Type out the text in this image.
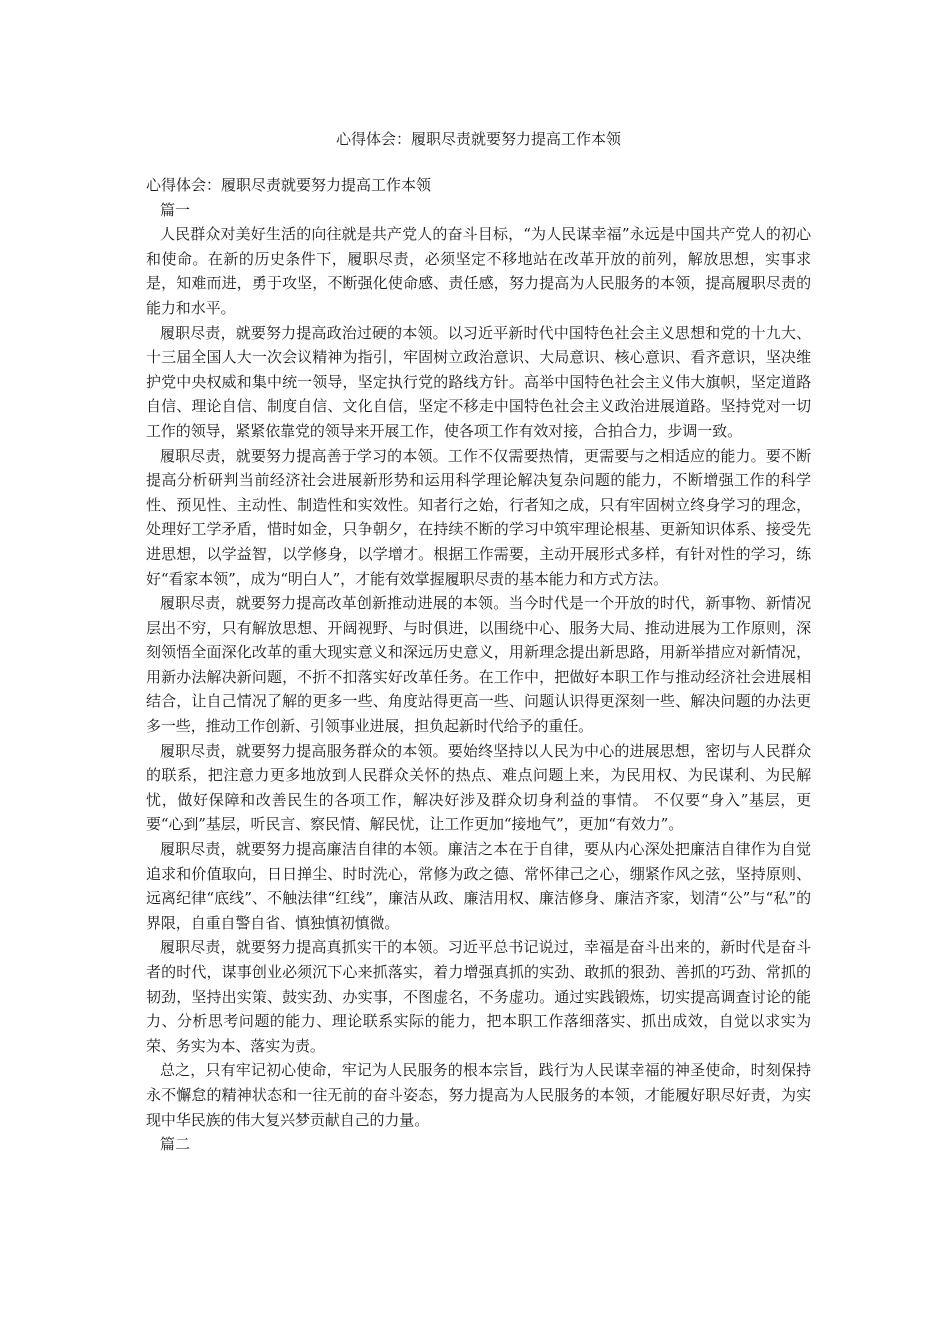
心得体会：履职尽责就要努力提高工作本领

心得体会：履职尽责就要努力提高工作本领

篇一

人民群众对美好生活的向往就是共产党人的奋斗目标，“为人民谋幸福”永远是中国共产党人的初心和使命。在新的历史条件下，履职尽责，必须坚定不移地站在改革开放的前列，解放思想，实事求是，知难而进，勇于攻坚，不断强化使命感、责任感，努力提高为人民服务的本领，提高履职尽责的能力和水平。

履职尽责，就要努力提高政治过硬的本领。以习近平新时代中国特色社会主义思想和党的十九大、十三届全国人大一次会议精神为指引，牢固树立政治意识、大局意识、核心意识、看齐意识，坚决维护党中央权威和集中统一领导，坚定执行党的路线方针。高举中国特色社会主义伟大旗帜，坚定道路自信、理论自信、制度自信、文化自信，坚定不移走中国特色社会主义政治进展道路。坚持党对一切工作的领导，紧紧依靠党的领导来开展工作，使各项工作有效对接，合拍合力，步调一致。

履职尽责，就要努力提高善于学习的本领。工作不仅需要热情，更需要与之相适应的能力。要不断提高分析研判当前经济社会进展新形势和运用科学理论解决复杂问题的能力，不断增强工作的科学性、预见性、主动性、制造性和实效性。知者行之始，行者知之成，只有牢固树立终身学习的理念，处理好工学矛盾，惜时如金，只争朝夕，在持续不断的学习中筑牢理论根基、更新知识体系、接受先进思想，以学益智，以学修身，以学增才。根据工作需要，主动开展形式多样，有针对性的学习，练好“看家本领”，成为“明白人”，才能有效掌握履职尽责的基本能力和方式方法。

履职尽责，就要努力提高改革创新推动进展的本领。当今时代是一个开放的时代，新事物、新情况层出不穷，只有解放思想、开阔视野、与时俱进，以围绕中心、服务大局、推动进展为工作原则，深刻领悟全面深化改革的重大现实意义和深远历史意义，用新理念提出新思路，用新举措应对新情况，用新办法解决新问题，不折不扣落实好改革任务。在工作中，把做好本职工作与推动经济社会进展相结合，让自己情况了解的更多一些、角度站得更高一些、问题认识得更深刻一些、解决问题的办法更多一些，推动工作创新、引领事业进展，担负起新时代给予的重任。

履职尽责，就要努力提高服务群众的本领。要始终坚持以人民为中心的进展思想，密切与人民群众的联系，把注意力更多地放到人民群众关怀的热点、难点问题上来，为民用权、为民谋利、为民解忧，做好保障和改善民生的各项工作，解决好涉及群众切身利益的事情。 不仅要“身入”基层，更要“心到”基层，听民言、察民情、解民忧，让工作更加“接地气”，更加“有效力”。

履职尽责，就要努力提高廉洁自律的本领。廉洁之本在于自律，要从内心深处把廉洁自律作为自觉追求和价值取向，日日掸尘、时时洗心，常修为政之德、常怀律己之心，绷紧作风之弦，坚持原则、远离纪律“底线”、不触法律“红线”，廉洁从政、廉洁用权、廉洁修身、廉洁齐家，划清“公”与“私”的界限，自重自警自省、慎独慎初慎微。

履职尽责，就要努力提高真抓实干的本领。习近平总书记说过，幸福是奋斗出来的，新时代是奋斗者的时代，谋事创业必须沉下心来抓落实，着力增强真抓的实劲、敢抓的狠劲、善抓的巧劲、常抓的韧劲，坚持出实策、鼓实劲、办实事，不图虚名，不务虚功。通过实践锻炼，切实提高调查讨论的能力、分析思考问题的能力、理论联系实际的能力，把本职工作落细落实、抓出成效，自觉以求实为荣、务实为本、落实为责。

总之，只有牢记初心使命，牢记为人民服务的根本宗旨，践行为人民谋幸福的神圣使命，时刻保持永不懈怠的精神状态和一往无前的奋斗姿态，努力提高为人民服务的本领，才能履好职尽好责，为实现中华民族的伟大复兴梦贡献自己的力量。

篇二
